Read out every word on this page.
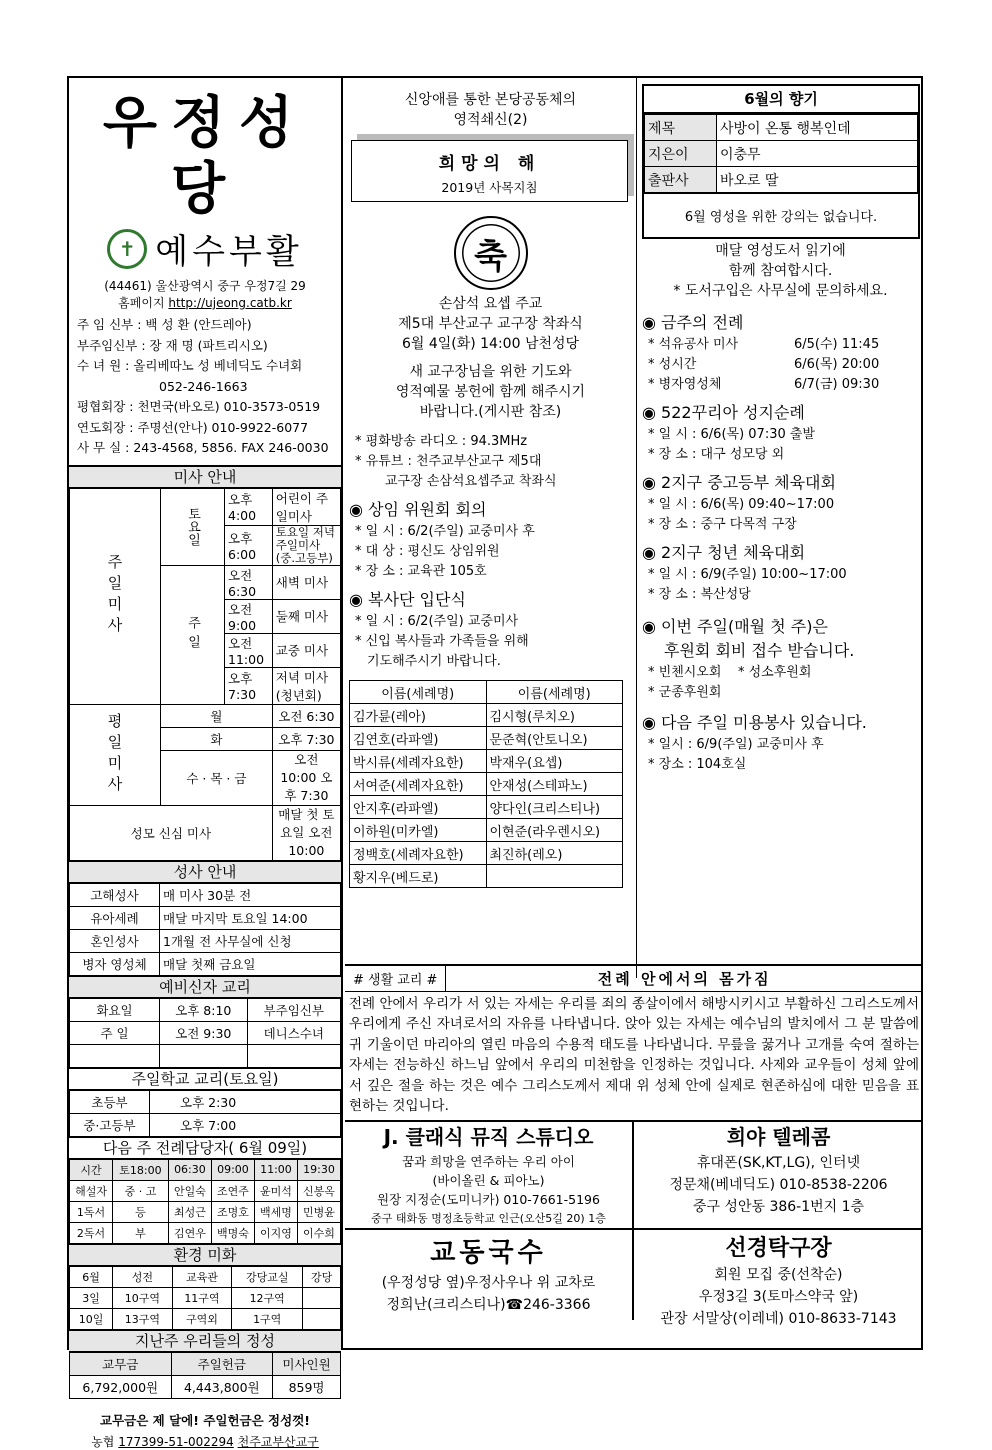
우정성당
✝ 예수부활
(44461) 울산광역시 중구 우정7길 29
홈페이지 http://ujeong.catb.kr

주 임 신부 : 백 성 환 (안드레아)

부주임신부 : 장 재 명 (파트리시오)

수 녀 원 : 올리베따노 성 베네딕도 수녀회

052-246-1663

평협회장 : 천면국(바오로) 010-3573-0519

연도회장 : 주명선(안나) 010-9922-6077

사 무 실 : 243-4568, 5856. FAX 246-0030

미사 안내
주일미사	토요일	오후 4:00	어린이 주일미사
		오후 6:00	토요일 저녁주일미사 (중.고등부)
	주일	오전 6:30	새벽 미사
		오전 9:00	둘째 미사
		오전11:00	교중 미사
		오후 7:30	저녁 미사(청년회)
평일미사	월		오전 6:30
	화		오후 7:30
	수 · 목 · 금		오전 10:00 오후 7:30
성모 신심 미사			매달 첫 토요일 오전 10:00
성사 안내
고해성사	매 미사 30분 전
유아세례	매달 마지막 토요일 14:00
혼인성사	1개월 전 사무실에 신청
병자 영성체	매달 첫째 금요일
예비신자 교리
화요일	오후 8:10	부주임신부
주 일	오전 9:30	데니스수녀

주일학교 교리(토요일)
초등부	오후 2:30
중·고등부	오후 7:00
다음 주 전례담당자( 6월 09일)
시간	토18:00	06:30	09:00	11:00	19:30
해설자	중 · 고	안일숙	조연주	윤미석	신봉옥
1독서	등	최성근	조명호	백세명	민병윤
2독서	부	김연우	백명숙	이지영	이수희
환경 미화
6월	성전	교육관	강당교실	강당
3일	10구역	11구역	12구역	
10일	13구역	구역외	1구역	
지난주 우리들의 정성
교무금	주일헌금	미사인원
6,792,000원	4,443,800원	859명
교무금은 제 달에! 주일헌금은 정성껏!
농협 177399-51-002294 천주교부산교구
신앙애를 통한 본당공동체의
영적쇄신(2)
희망의 해
2019년 사목지침
축
손삼석 요셉 주교
제5대 부산교구 교구장 착좌식
6월 4일(화) 14:00 남천성당
새 교구장님을 위한 기도와
영적예물 봉헌에 함께 해주시기
바랍니다.(게시판 참조)

* 평화방송 라디오 : 94.3MHz

* 유튜브 : 천주교부산교구 제5대

교구장 손삼석요셉주교 착좌식

◉ 상임 위원회 회의

* 일 시 : 6/2(주일) 교중미사 후

* 대 상 : 평신도 상임위원

* 장 소 : 교육관 105호

◉ 복사단 입단식

* 일 시 : 6/2(주일) 교중미사

* 신입 복사들과 가족들을 위해

기도해주시기 바랍니다.

이름(세례명)	이름(세례명)
김가륜(레아)	김시형(루치오)
김연호(라파엘)	문준혁(안토니오)
박시류(세례자요한)	박재우(요셉)
서여준(세례자요한)	안재성(스테파노)
안지후(라파엘)	양다인(크리스티나)
이하원(미카엘)	이현준(라우렌시오)
정백호(세례자요한)	최진하(레오)
황지우(베드로)	
6월의 향기
제목	사방이 온통 행복인데
지은이	이충무
출판사	바오로 딸
6월 영성을 위한 강의는 없습니다.
매달 영성도서 읽기에
함께 참여합시다.
* 도서구입은 사무실에 문의하세요.
◉ 금주의 전례

* 석유공사 미사	6/5(수) 11:45

* 성시간	6/6(목) 20:00

* 병자영성체	6/7(금) 09:30

◉ 522꾸리아 성지순례

* 일 시 : 6/6(목) 07:30 출발

* 장 소 : 대구 성모당 외

◉ 2지구 중고등부 체육대회

* 일 시 : 6/6(목) 09:40~17:00

* 장 소 : 중구 다목적 구장

◉ 2지구 청년 체육대회

* 일 시 : 6/9(주일) 10:00~17:00

* 장 소 : 복산성당

◉ 이번 주일(매월 첫 주)은
후원회 회비 접수 받습니다.

* 빈첸시오회    * 성소후원회

* 군종후원회

◉ 다음 주일 미용봉사 있습니다.

* 일시 : 6/9(주일) 교중미사 후

* 장소 : 104호실

# 생활 교리 #	전례 안에서의 몸가짐
전례 안에서 우리가 서 있는 자세는 우리를 죄의 종살이에서 해방시키시고 부활하신 그리스도께서 우리에게 주신 자녀로서의 자유를 나타냅니다. 앉아 있는 자세는 예수님의 발치에서 그 분 말씀에 귀 기울이던 마리아의 열린 마음의 수용적 태도를 나타냅니다. 무릎을 꿇거나 고개를 숙여 절하는 자세는 전능하신 하느님 앞에서 우리의 미천함을 인정하는 것입니다. 사제와 교우들이 성체 앞에서 깊은 절을 하는 것은 예수 그리스도께서 제대 위 성체 안에 실제로 현존하심에 대한 믿음을 표현하는 것입니다.
J. 클래식 뮤직 스튜디오
꿈과 희망을 연주하는 우리 아이
(바이올린 & 피아노)
원장 지정순(도미니카) 010-7661-5196
중구 태화동 명정초등학교 인근(오산5길 20) 1층
희야 텔레콤
휴대폰(SK,KT,LG), 인터넷
정문채(베네딕도) 010-8538-2206
중구 성안동 386-1번지 1층
교동국수
(우정성당 옆)우정사우나 위 교차로
정희난(크리스티나)☎246-3366
선경탁구장
회원 모집 중(선착순)
우정3길 3(토마스약국 앞)
관장 서말상(이레네) 010-8633-7143
